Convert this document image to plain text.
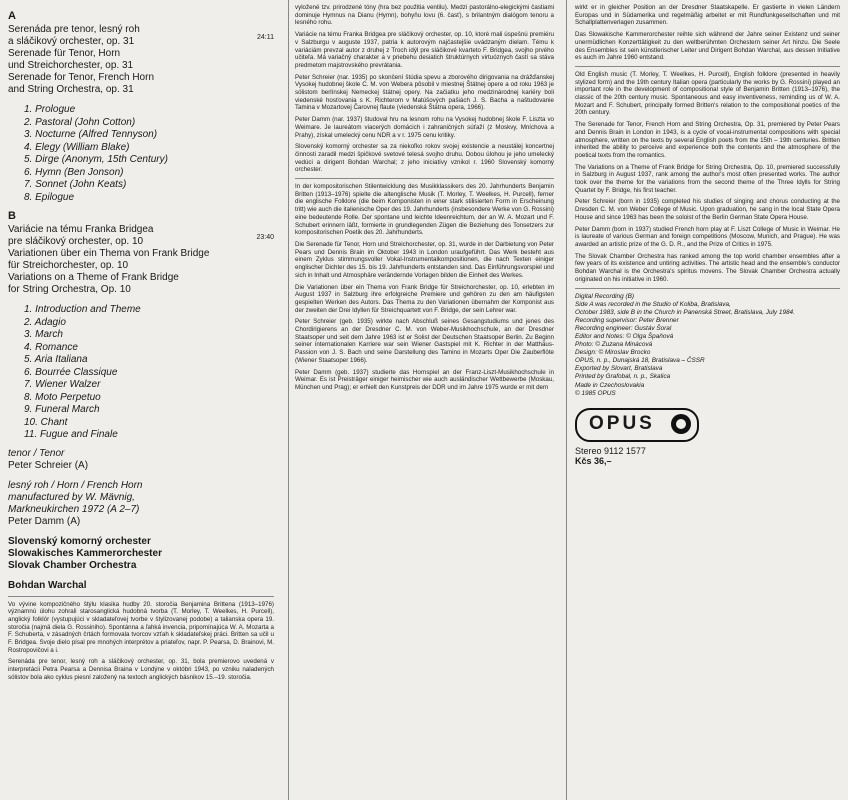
A
24:11
Serenáda pre tenor, lesný roh
a sláčikový orchester, op. 31
Serenade für Tenor, Horn
und Streichorchester, op. 31
Serenade for Tenor, French Horn
and String Orchestra, op. 31
1. Prologue
2. Pastoral (John Cotton)
3. Nocturne (Alfred Tennyson)
4. Elegy (William Blake)
5. Dirge (Anonym, 15th Century)
6. Hymn (Ben Jonson)
7. Sonnet (John Keats)
8. Epilogue
B
23:40
Variácie na tému Franka Bridgea
pre sláčikový orchester, op. 10
Variationen über ein Thema von Frank Bridge
für Streichorchester, op. 10
Variations on a Theme of Frank Bridge
for String Orchestra, Op. 10
1. Introduction and Theme
2. Adagio
3. March
4. Romance
5. Aria Italiana
6. Bourrée Classique
7. Wiener Walzer
8. Moto Perpetuo
9. Funeral March
10. Chant
11. Fugue and Finale
tenor / Tenor
Peter Schreier (A)
lesný roh / Horn / French Horn
manufactured by W. Mävnig,
Markneukirchen 1972 (A 2–7)
Peter Damm (A)
Slovenský komorný orchester
Slowakisches Kammerorchester
Slovak Chamber Orchestra
Bohdan Warchal

Vo vývine kompozičného štýlu klasika hudby 20. storočia Benjamina Brittena (1913–1976) významnú úlohu zohrali starosanglická hudobná tvorba (T. Morley, T. Weelkes, H. Purcell), anglický folklór (vystupujúci v skladateľovej tvorbe v štylizovanej podobe) a talianska opera 19. storočia (najmä diela G. Rossiniho). Spontánna a ľahká invencia, pripomínajúca W. A. Mozarta a F. Schuberta, v zásadných črtách formovala tvorcov vzťah k skladateľskej práci. Britten sa učil u F. Bridgea. Svoje dielo písal pre mnohých interprétov a priateľov, napr. P. Pearsa, D. Brainovi, M. Rostropovičovi a i.

Serenáda pre tenor, lesný roh a sláčikový orchester, op. 31, bola premierovo uvedená v interpretácii Petra Pearsa a Dennisa Braina v Londýne v októbri 1943, po vzniku naladených sólistov bola ako cyklus piesní založený na textoch anglických básnikov 15.–19. storočia.

vyložené tzv. prirodzené tóny (hra bez použitia ventilu). Medzi pastorálno-elegickými častiami dominuje Hymnus na Dianu (Hymn), bohyňu lovu (6. časť), s brilantným dialógom tenoru a lesného rohu.

Variácie na tému Franka Bridgea pre sláčikový orchester, op. 10, ktoré mali úspešnú premiéru v Salzburgu v auguste 1937, patria k autorovým najčastejšie uvádzaným dielam. Tému k variáciám prevzal autor z druhej z Troch idýl pre sláčikové kvarteto F. Bridgea, svojho prvého učiteľa. Má variačný charakter a v priebehu desiatich štruktúrnych virtuóznych častí sa stáva predmetom majstrovského prevrátania.

Peter Schreier (nar. 1935) po skončení štúdia spevu a zborového dirigovania na drážďanskej Vysokej hudobnej škole C. M. von Webera pôsobil v miestnej Štátnej opere a od roku 1963 je sólistom berlínskej Nemeckej štátnej opery. Na začiatku jeho medzinárodnej kariéry boli viedenské hosťovania s K. Richterom v Matúšových pašiách J. S. Bacha a naštudovanie Tamina v Mozartovej Čarovnej flaute (viedenská Štátna opera, 1966).

Peter Damm (nar. 1937) študoval hru na lesnom rohu na Vysokej hudobnej škole F. Liszta vo Weimare. Je laureátom viacerých domácich i zahraničných súťaží (z Moskvy, Mníchova a Prahy), získal umelecký cenu NDR a v r. 1975 cenu kritiky.

Slovenský komorný orchester sa za niekoľko rokov svojej existencie a neustálej koncertnej činnosti zaradil medzi špičkové svetové telesá svojho druhu. Dobou úlohou je jeho umelecký vedúci a dirigent Bohdan Warchal; z jeho iniciatívy vznikol r. 1960 Slovenský komorný orchester.

In der kompositorischen Stilentwicklung des Musikklassikers des 20. Jahrhunderts Benjamin Britten (1913–1976) spielte die altenglische Musik (T. Morley, T. Weelkes, H. Purcell), ferner die englische Folklore (die beim Komponisten in einer stark stilisierten Form in Erscheinung tritt) wie auch die italienische Oper des 19. Jahrhunderts (insbesondere Werke von G. Rossini) eine bedeutende Rolle. Der spontane und leichte Ideenreichtum, der an W. A. Mozart und F. Schubert erinnern läßt, formierte in grundlegenden Zügen die Beziehung des Tonsetzers zur kompositorischen Poetik des 20. Jahrhunderts.

Die Serenade für Tenor, Horn und Streichorchester, op. 31, wurde in der Darbietung von Peter Pears und Dennis Brain im Oktober 1943 in London uraufgeführt. Das Werk besteht aus einem Zyklus stimmungsvoller Vokal-Instrumentalkompositionen, die nach Texten einiger englischer Dichter des 15. bis 19. Jahrhunderts entstanden sind. Das Einführungsvorspiel und sich in Inhalt und Atmosphäre verändernde Vorlagen bilden die Einheit des Werkes.

Die Variationen über ein Thema von Frank Bridge für Streichorchester, op. 10, erlebten im August 1937 in Salzburg ihre erfolgreiche Premiere und gehören zu den am häufigsten gespielten Werken des Autors. Das Thema zu den Variationen übernahm der Komponist aus der zweiten der Drei Idyllen für Streichquartett von F. Bridge, der sein Lehrer war.

Peter Schreier (geb. 1935) wirkte nach Abschluß seines Gesangstudiums und jenes des Chordirigierens an der Dresdner C. M. von Weber-Musikhochschule, an der Dresdner Staatsoper und seit dem Jahre 1963 ist er Solist der Deutschen Staatsoper Berlin. Zu Beginn seiner internationalen Karriere war sein Wiener Gastspiel mit K. Richter in der Matthäus-Passion von J. S. Bach und seine Darstellung des Tamino in Mozarts Oper Die Zauberflöte (Wiener Staatsoper 1966).

Peter Damm (geb. 1937) studierte das Hornspiel an der Franz-Liszt-Musikhochschule in Weimar. Es ist Preisträger einiger heimischer wie auch ausländischer Wettbewerbe (Moskau, München und Prag); er erhielt den Kunstpreis der DDR und im Jahre 1975 wurde er mit dem

wirkt er in gleicher Position an der Dresdner Staatskapelle. Er gastierte in vielen Ländern Europas und in Südamerika und regelmäßig arbeitet er mit Rundfunkgesellschaften und mit Schallplattenverlagen zusammen.

Das Slowakische Kammerorchester reihte sich während der Jahre seiner Existenz und seiner unermüdlichen Konzerttätigkeit zu den weltberühmten Orchestern seiner Art hinzu. Die Seele des Ensembles ist sein künstlerischer Leiter und Dirigent Bohdan Warchal, aus dessen Initiative es auch im Jahre 1960 entstand.

Old English music (T. Morley, T. Weelkes, H. Purcell), English folklore (presented in heavily stylized form) and the 19th century Italian opera (particularly the works by G. Rossini) played an important role in the development of compositional style of Benjamin Britten (1913–1976), the classic of the 20th century music. Spontaneous and easy inventiveness, reminding us of W. A. Mozart and F. Schubert, principally formed Britten's relation to the compositional poetics of the 20th century.

The Serenade for Tenor, French Horn and String Orchestra, Op. 31, premiered by Peter Pears and Dennis Brain in London in 1943, is a cycle of vocal-instrumental compositions with special atmosphere, written on the texts by several English poets from the 15th – 19th centuries. Britten inherited the ability to perceive and experience both the contents and the atmosphere of the poetical texts from the romantics.

The Variations on a Theme of Frank Bridge for String Orchestra, Op. 10, premiered successfully in Salzburg in August 1937, rank among the author's most often presented works. The author took over the theme for the variations from the second theme of the Three Idylls for String Quartet by F. Bridge, his first teacher.

Peter Schreier (born in 1935) completed his studies of singing and chorus conducting at the Dresden C. M. von Weber College of Music. Upon graduation, he sang in the local State Opera House and since 1963 has been the soloist of the Berlin German State Opera House.

Peter Damm (born in 1937) studied French horn play at F. Liszt College of Music in Weimar. He is laureate of various German and foreign competitions (Moscow, Munich, and Prague). He was awarded an artistic prize of the G. D. R., and the Prize of Critics in 1975.

The Slovak Chamber Orchestra has ranked among the top world chamber ensembles after a few years of its existence and untiring activities. The artistic head and the ensemble's conductor Bohdan Warchal is the Orchestra's spiritus movens. The Slovak Chamber Orchestra actually originated on his initiative in 1960.

Digital Recording (B)
Side A was recorded in the Studio of Koliba, Bratislava,
October 1983, side B in the Church in Panenská Street, Bratislava, July 1984.
Recording supervisor: Peter Brenner
Recording engineer: Gustáv Šoral
Editor and Notes: © Olga Špaňová
Photo: © Zuzana Minácová
Design: © Miroslav Brocko
OPUS, n. p., Dunajská 18, Bratislava – ČSSR
Exported by Slovart, Bratislava
Printed by Grafobal, n. p., Skalica
Made in Czechoslovakia
© 1985 OPUS
OPUS
Stereo 9112 1577
Kčs 36,–
